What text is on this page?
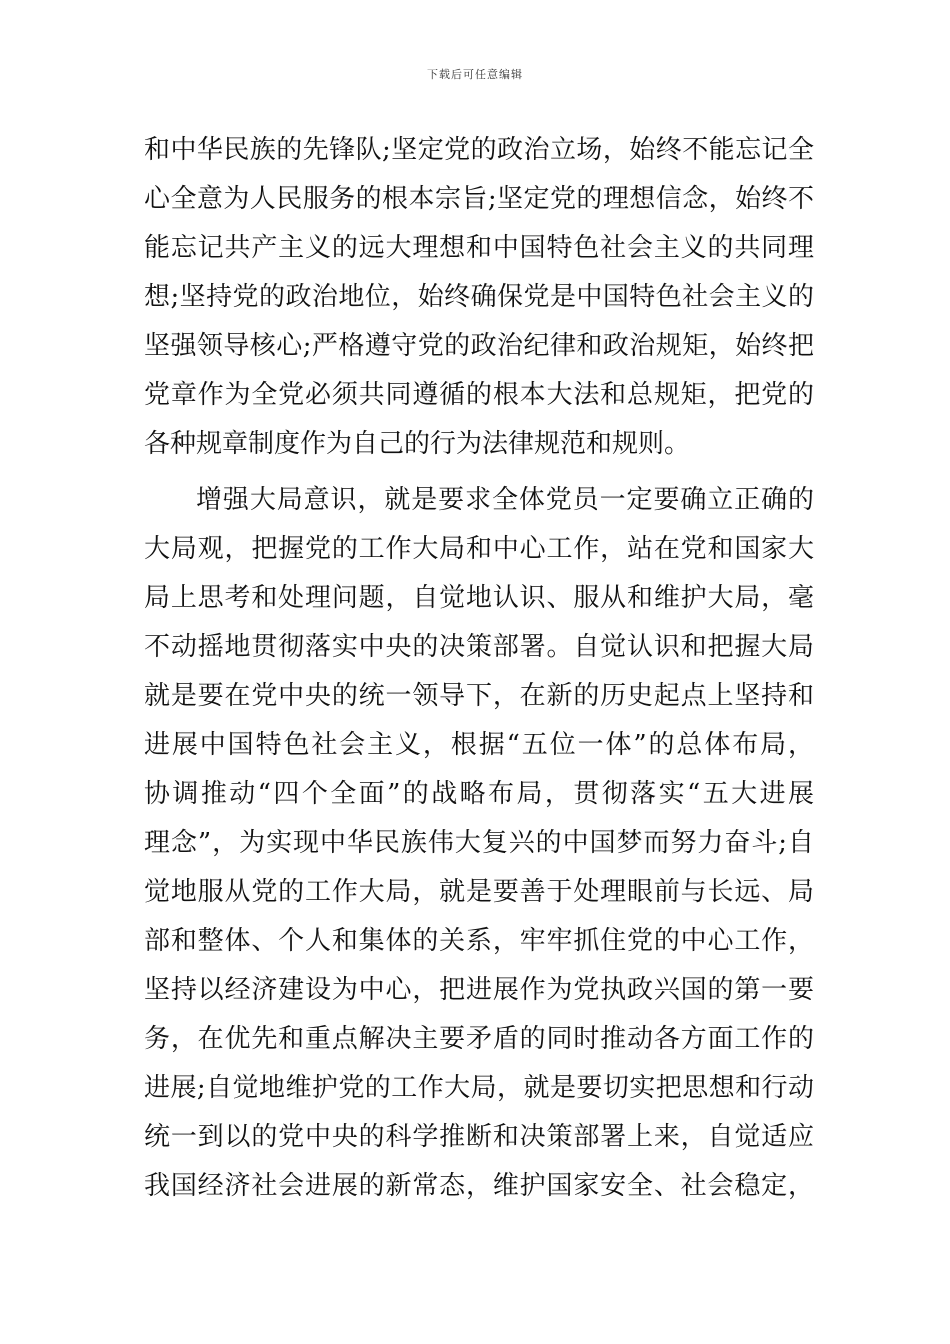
下载后可任意编辑
和中华民族的先锋队;坚定党的政治立场，始终不能忘记全
心全意为人民服务的根本宗旨;坚定党的理想信念，始终不
能忘记共产主义的远大理想和中国特色社会主义的共同理
想;坚持党的政治地位，始终确保党是中国特色社会主义的
坚强领导核心;严格遵守党的政治纪律和政治规矩，始终把
党章作为全党必须共同遵循的根本大法和总规矩，把党的
各种规章制度作为自己的行为法律规范和规则。
增强大局意识，就是要求全体党员一定要确立正确的
大局观，把握党的工作大局和中心工作，站在党和国家大
局上思考和处理问题，自觉地认识、服从和维护大局，毫
不动摇地贯彻落实中央的决策部署。自觉认识和把握大局
就是要在党中央的统一领导下，在新的历史起点上坚持和
进展中国特色社会主义，根据“五位一体”的总体布局，
协调推动“四个全面”的战略布局，贯彻落实“五大进展
理念”，为实现中华民族伟大复兴的中国梦而努力奋斗;自
觉地服从党的工作大局，就是要善于处理眼前与长远、局
部和整体、个人和集体的关系，牢牢抓住党的中心工作，
坚持以经济建设为中心，把进展作为党执政兴国的第一要
务，在优先和重点解决主要矛盾的同时推动各方面工作的
进展;自觉地维护党的工作大局，就是要切实把思想和行动
统一到以的党中央的科学推断和决策部署上来，自觉适应
我国经济社会进展的新常态，维护国家安全、社会稳定，
